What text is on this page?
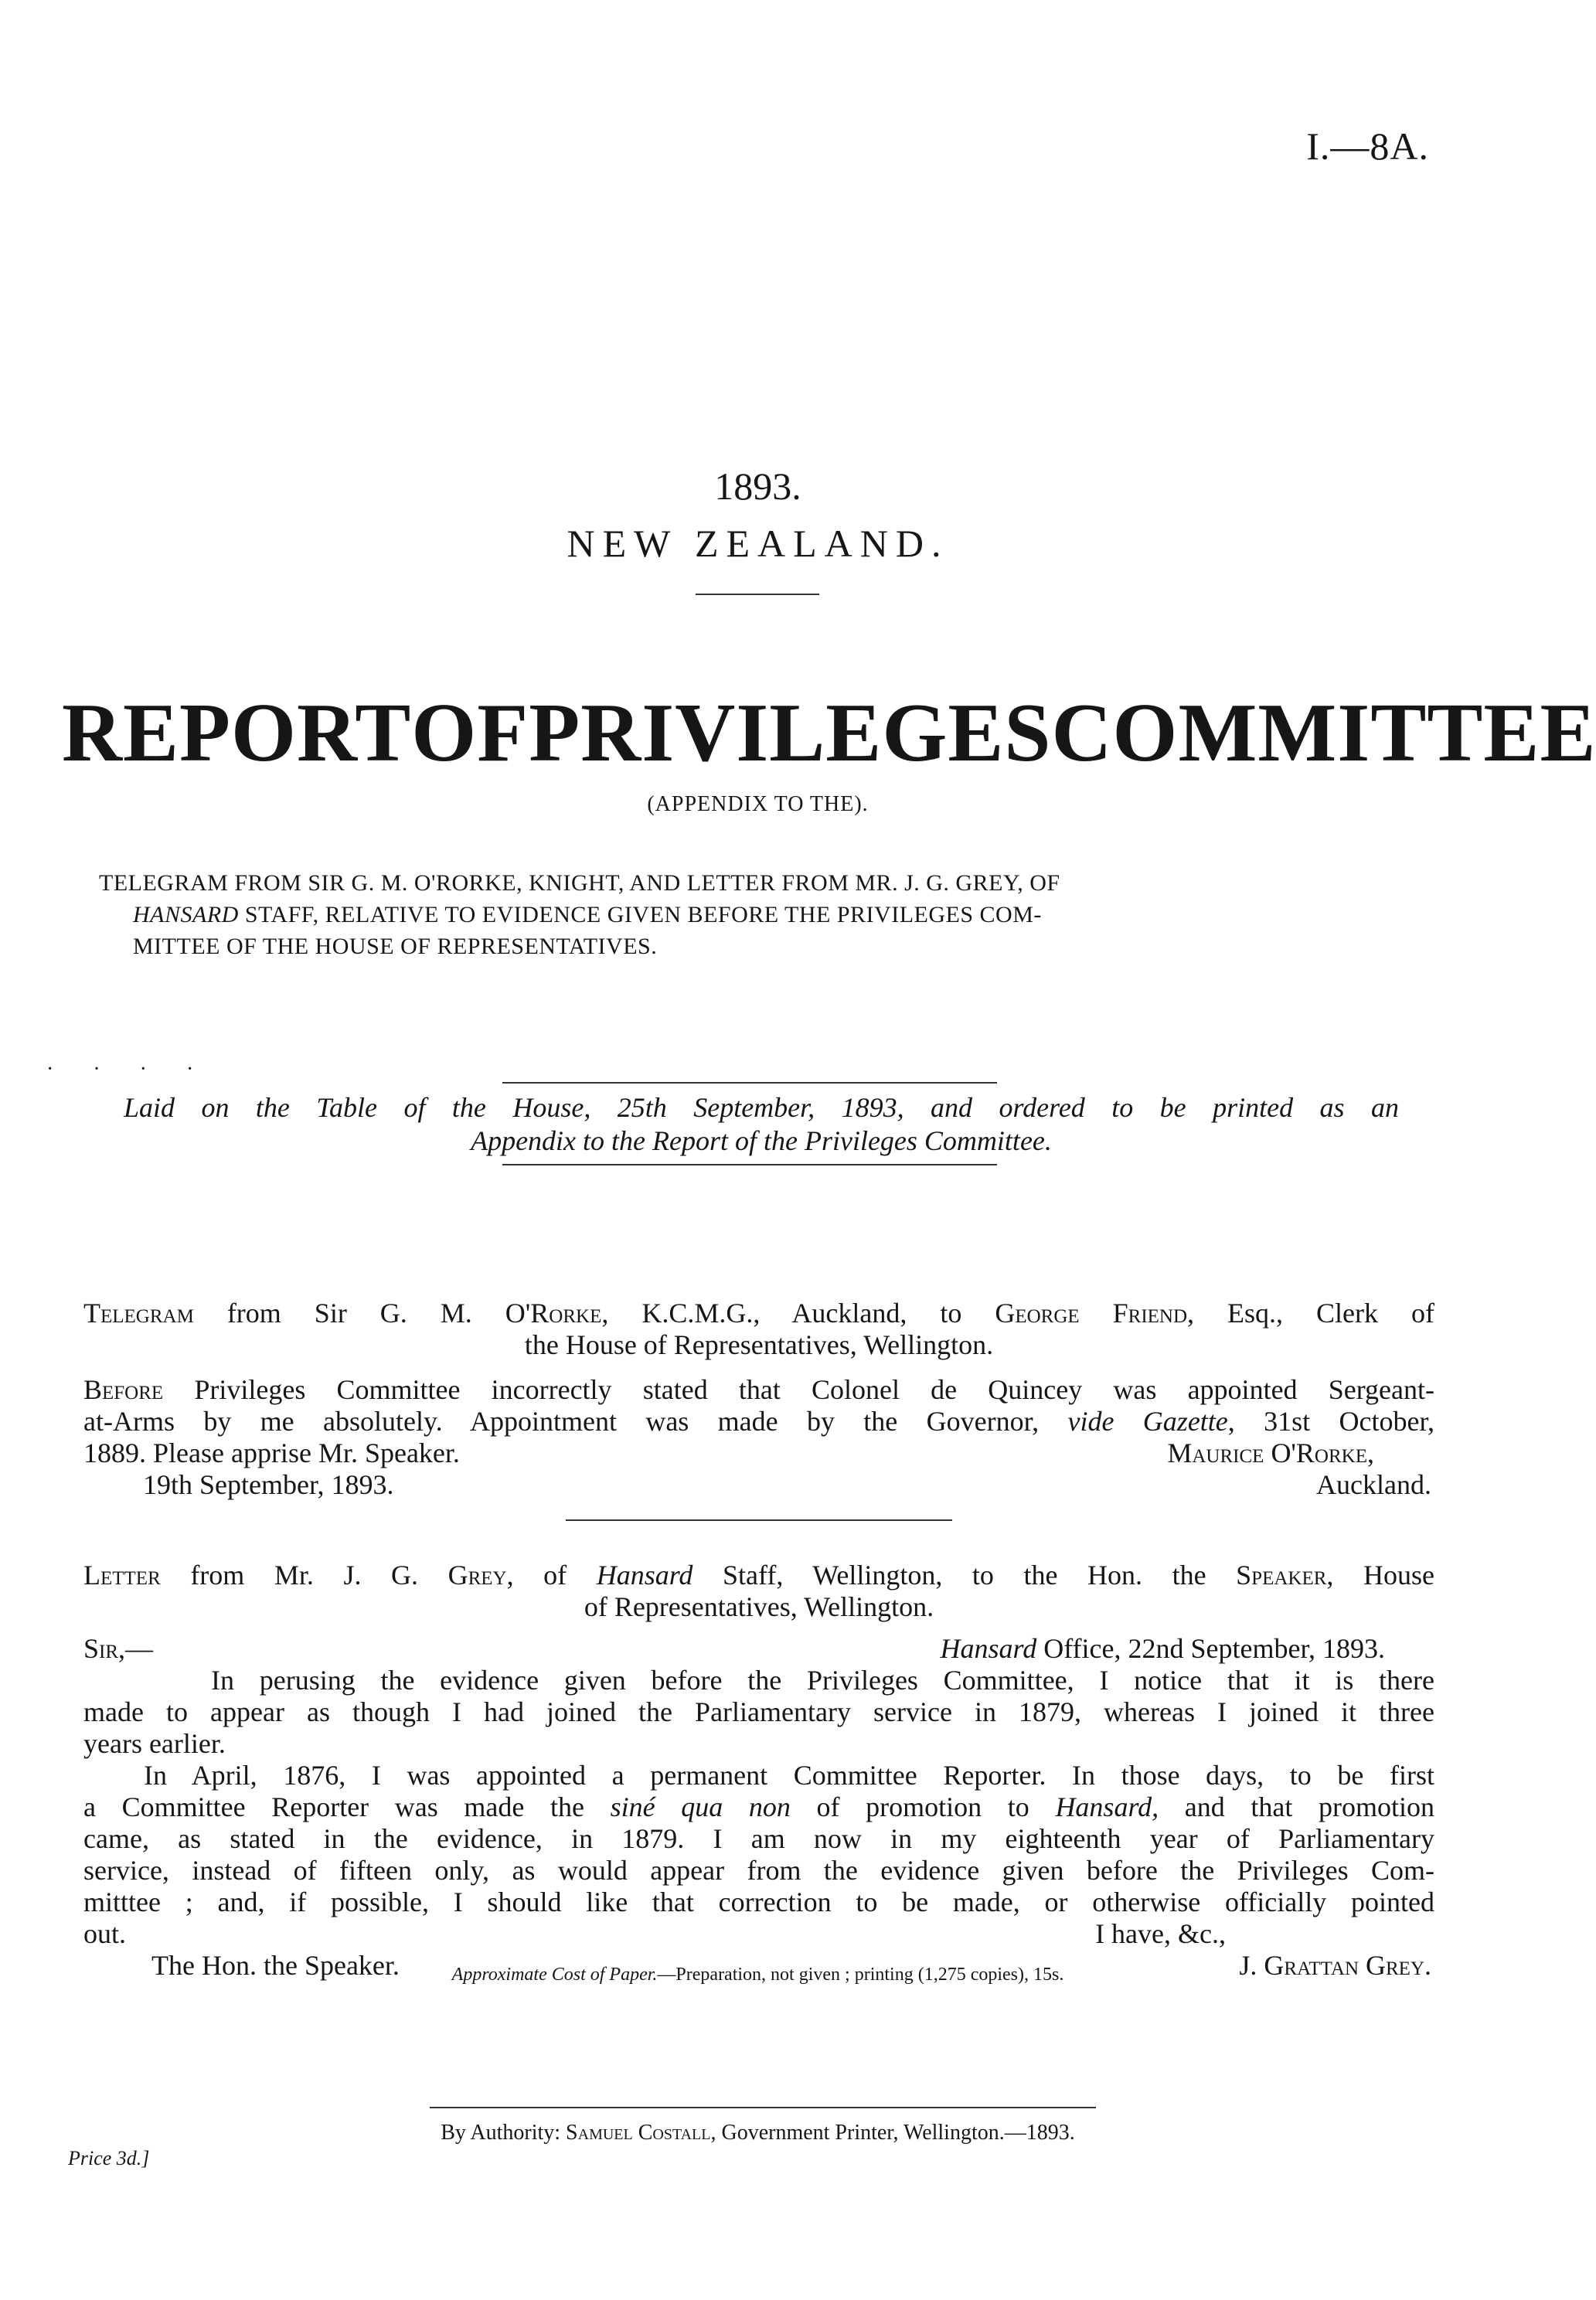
I.—8A.
1893.
NEW ZEALAND.
REPORT OF PRIVILEGES COMMITTEE
(APPENDIX TO THE).
TELEGRAM FROM SIR G. M. O'RORKE, KNIGHT, AND LETTER FROM MR. J. G. GREY, OF
HANSARD STAFF, RELATIVE TO EVIDENCE GIVEN BEFORE THE PRIVILEGES COM-
MITTEE OF THE HOUSE OF REPRESENTATIVES.
· · · ·
Laid on the Table of the House, 25th September, 1893, and ordered to be printed as an
Appendix to the Report of the Privileges Committee.
Telegram from Sir G. M. O'Rorke, K.C.M.G., Auckland, to George Friend, Esq., Clerk of
the House of Representatives, Wellington.
Before Privileges Committee incorrectly stated that Colonel de Quincey was appointed Sergeant-
at-Arms by me absolutely. Appointment was made by the Governor, vide Gazette, 31st October,
1889. Please apprise Mr. Speaker.	Maurice O'Rorke,
19th September, 1893.	Auckland.
Letter from Mr. J. G. Grey, of Hansard Staff, Wellington, to the Hon. the Speaker, House
of Representatives, Wellington.
Sir,—	Hansard Office, 22nd September, 1893.
In perusing the evidence given before the Privileges Committee, I notice that it is there
made to appear as though I had joined the Parliamentary service in 1879, whereas I joined it three
years earlier.
In April, 1876, I was appointed a permanent Committee Reporter. In those days, to be first
a Committee Reporter was made the siné qua non of promotion to Hansard, and that promotion
came, as stated in the evidence, in 1879. I am now in my eighteenth year of Parliamentary
service, instead of fifteen only, as would appear from the evidence given before the Privileges Com-
mitttee ; and, if possible, I should like that correction to be made, or otherwise officially pointed
out.	I have, &c.,
The Hon. the Speaker.	J. Grattan Grey.
Approximate Cost of Paper.—Preparation, not given ; printing (1,275 copies), 15s.
By Authority: Samuel Costall, Government Printer, Wellington.—1893.
Price 3d.]
